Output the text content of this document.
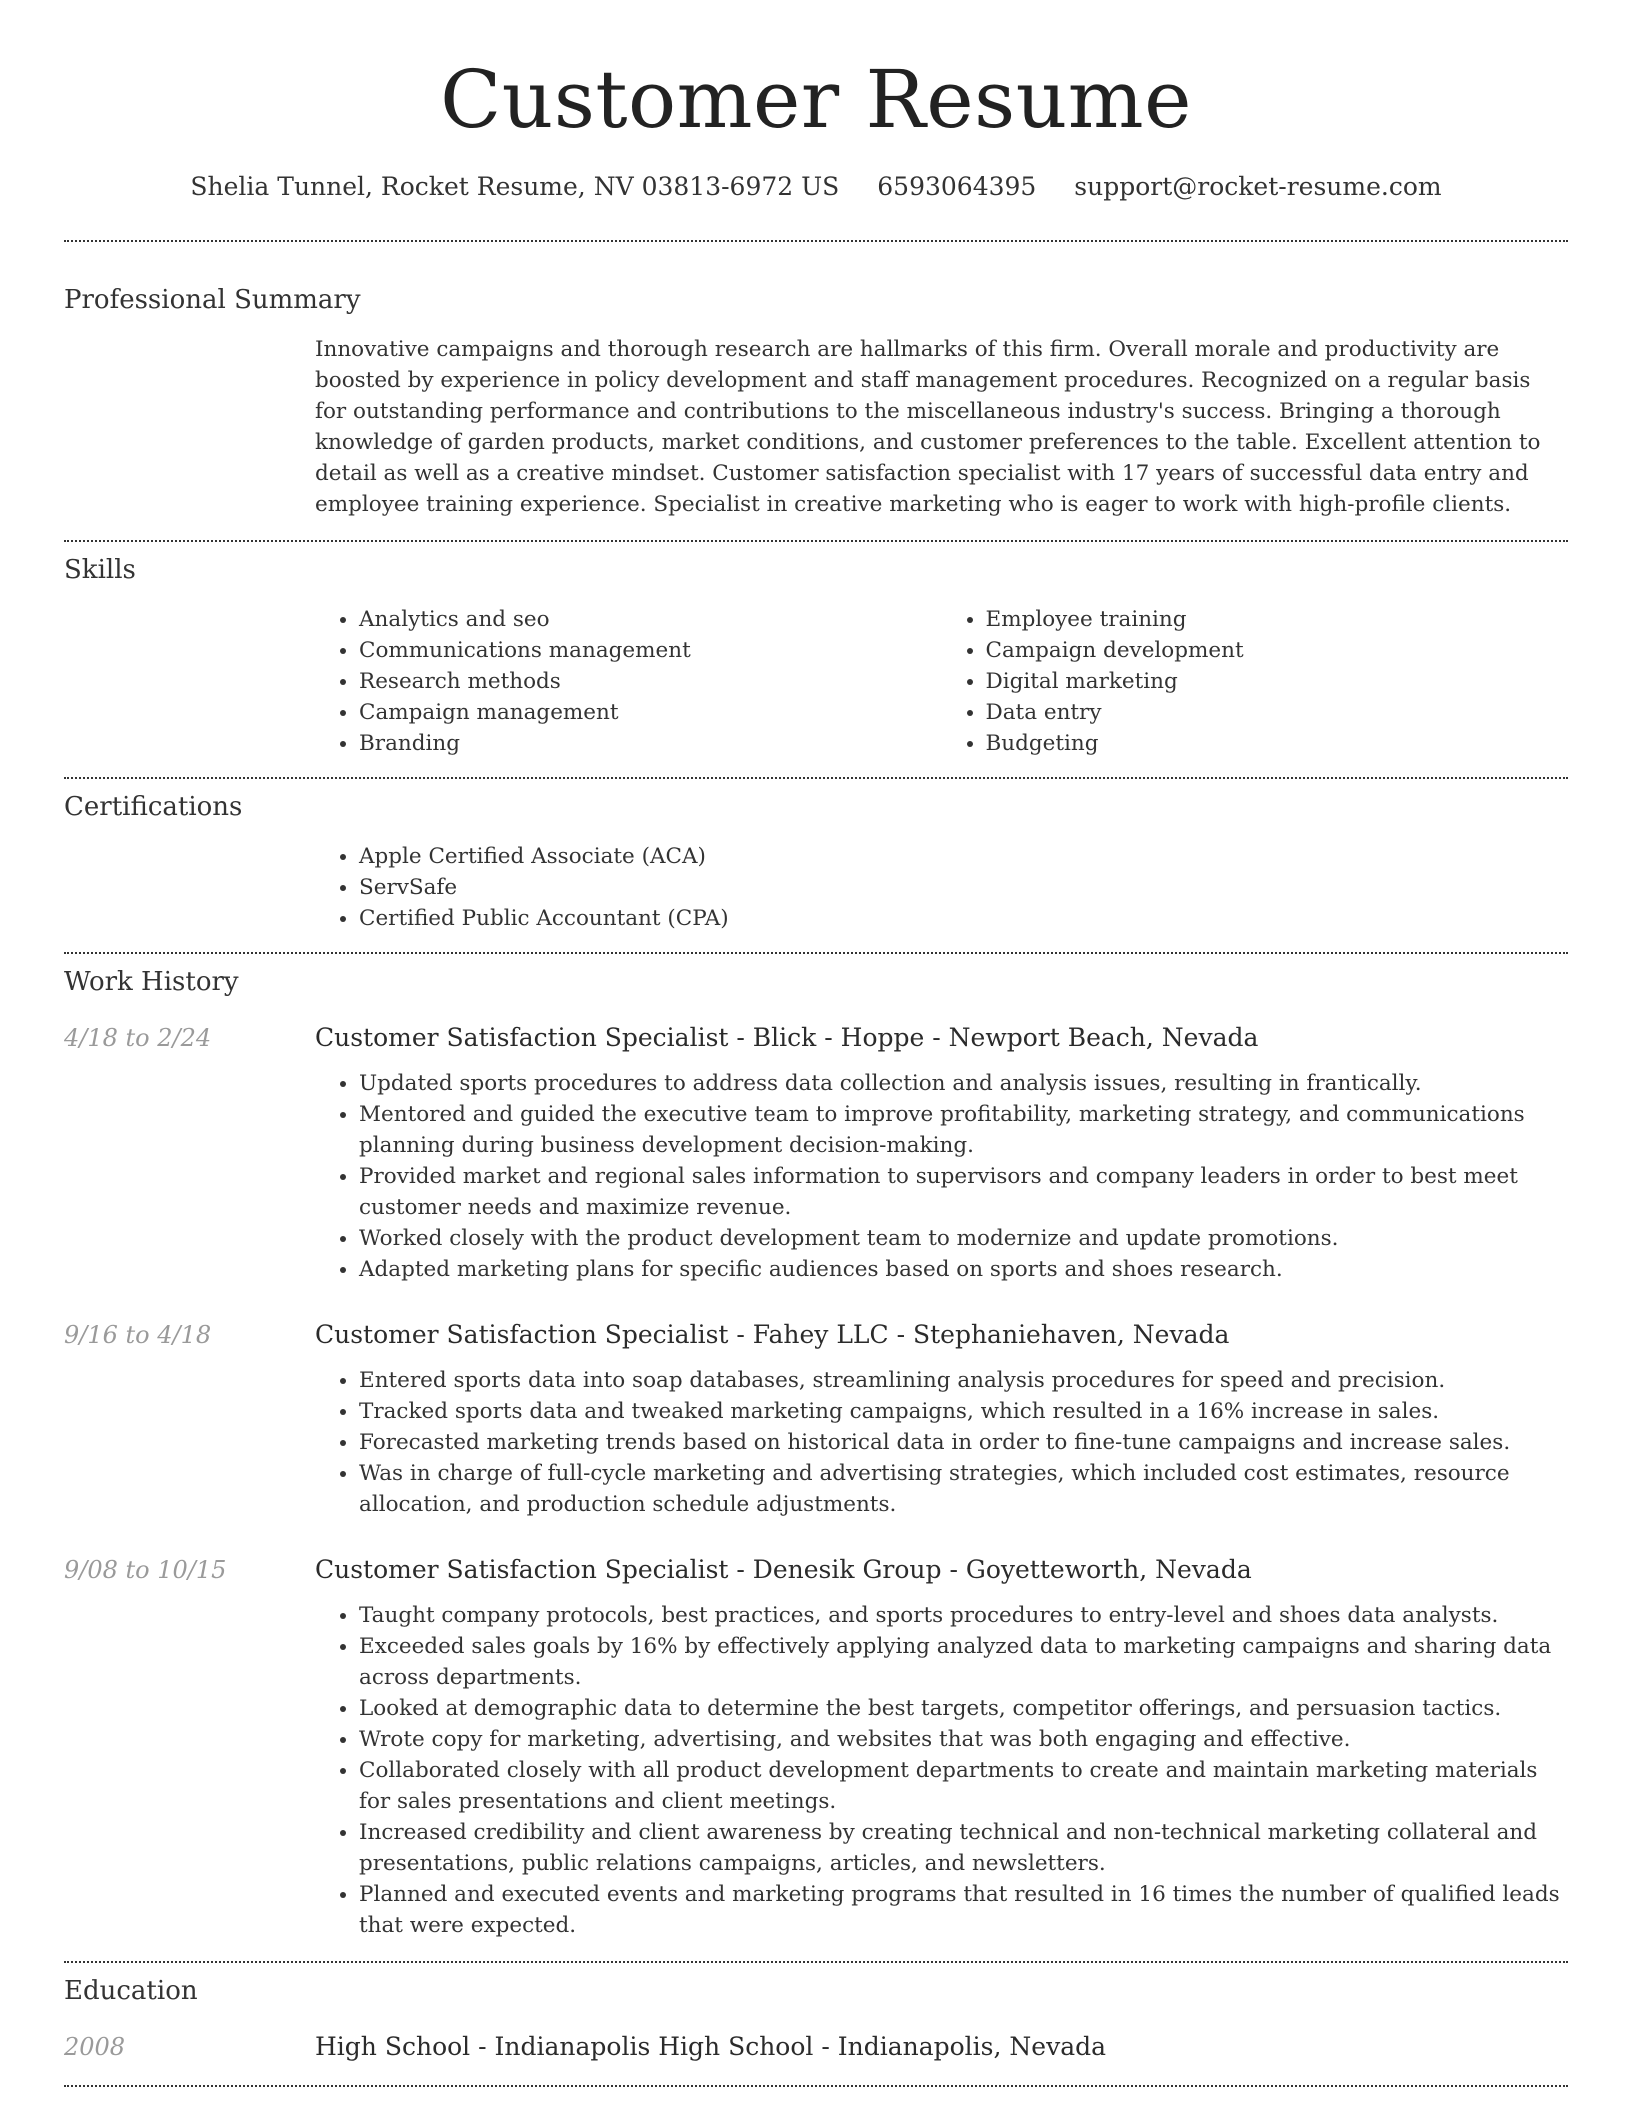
Customer Resume
Shelia Tunnel, Rocket Resume, NV 03813-6972 US 6593064395 support@rocket-resume.com
Professional Summary

Innovative campaigns and thorough research are hallmarks of this firm. Overall morale and productivity are boosted by experience in policy development and staff management procedures. Recognized on a regular basis for outstanding performance and contributions to the miscellaneous industry's success. Bringing a thorough knowledge of garden products, market conditions, and customer preferences to the table. Excellent attention to detail as well as a creative mindset. Customer satisfaction specialist with 17 years of successful data entry and employee training experience. Specialist in creative marketing who is eager to work with high-profile clients.

Skills
• Analytics and seo
• Communications management
• Research methods
• Campaign management
• Branding
• Employee training
• Campaign development
• Digital marketing
• Data entry
• Budgeting
Certifications
• Apple Certified Associate (ACA)
• ServSafe
• Certified Public Accountant (CPA)
Work History
4/18 to 2/24	Customer Satisfaction Specialist - Blick - Hoppe - Newport Beach, Nevada
• Updated sports procedures to address data collection and analysis issues, resulting in frantically.
• Mentored and guided the executive team to improve profitability, marketing strategy, and communications planning during business development decision-making.
• Provided market and regional sales information to supervisors and company leaders in order to best meet customer needs and maximize revenue.
• Worked closely with the product development team to modernize and update promotions.
• Adapted marketing plans for specific audiences based on sports and shoes research.
9/16 to 4/18	Customer Satisfaction Specialist - Fahey LLC - Stephaniehaven, Nevada
• Entered sports data into soap databases, streamlining analysis procedures for speed and precision.
• Tracked sports data and tweaked marketing campaigns, which resulted in a 16% increase in sales.
• Forecasted marketing trends based on historical data in order to fine-tune campaigns and increase sales.
• Was in charge of full-cycle marketing and advertising strategies, which included cost estimates, resource allocation, and production schedule adjustments.
9/08 to 10/15	Customer Satisfaction Specialist - Denesik Group - Goyetteworth, Nevada
• Taught company protocols, best practices, and sports procedures to entry-level and shoes data analysts.
• Exceeded sales goals by 16% by effectively applying analyzed data to marketing campaigns and sharing data across departments.
• Looked at demographic data to determine the best targets, competitor offerings, and persuasion tactics.
• Wrote copy for marketing, advertising, and websites that was both engaging and effective.
• Collaborated closely with all product development departments to create and maintain marketing materials for sales presentations and client meetings.
• Increased credibility and client awareness by creating technical and non-technical marketing collateral and presentations, public relations campaigns, articles, and newsletters.
• Planned and executed events and marketing programs that resulted in 16 times the number of qualified leads that were expected.
Education
2008	High School - Indianapolis High School - Indianapolis, Nevada
